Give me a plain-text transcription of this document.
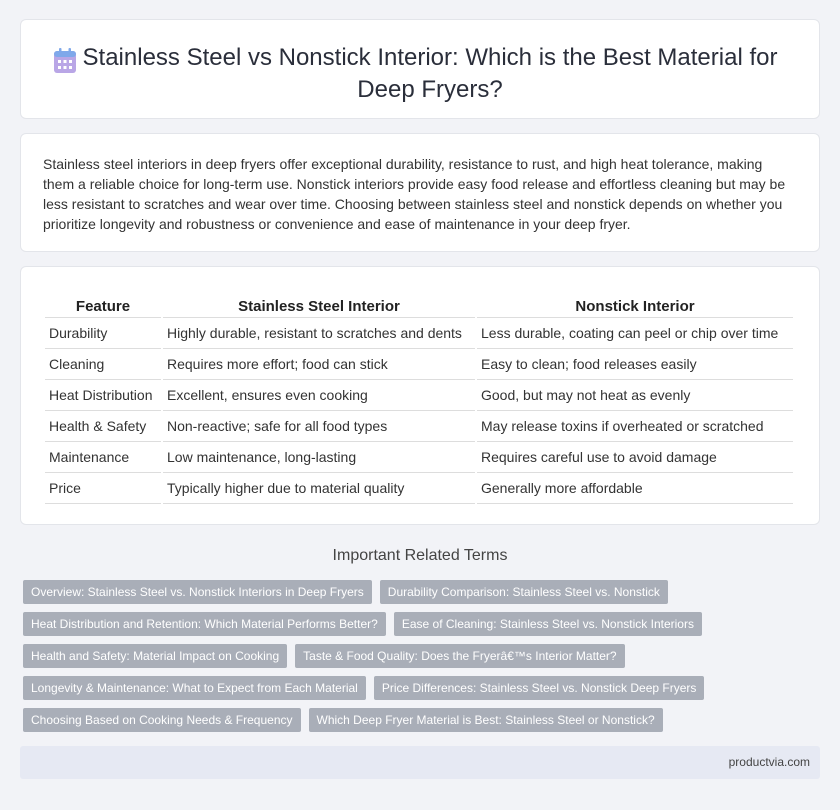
Stainless Steel vs Nonstick Interior: Which is the Best Material for Deep Fryers?

Stainless steel interiors in deep fryers offer exceptional durability, resistance to rust, and high heat tolerance, making them a reliable choice for long-term use. Nonstick interiors provide easy food release and effortless cleaning but may be less resistant to scratches and wear over time. Choosing between stainless steel and nonstick depends on whether you prioritize longevity and robustness or convenience and ease of maintenance in your deep fryer.

Feature	Stainless Steel Interior	Nonstick Interior
Durability	Highly durable, resistant to scratches and dents	Less durable, coating can peel or chip over time
Cleaning	Requires more effort; food can stick	Easy to clean; food releases easily
Heat Distribution	Excellent, ensures even cooking	Good, but may not heat as evenly
Health & Safety	Non-reactive; safe for all food types	May release toxins if overheated or scratched
Maintenance	Low maintenance, long-lasting	Requires careful use to avoid damage
Price	Typically higher due to material quality	Generally more affordable
Important Related Terms
Overview: Stainless Steel vs. Nonstick Interiors in Deep Fryers	Durability Comparison: Stainless Steel vs. Nonstick
Heat Distribution and Retention: Which Material Performs Better?	Ease of Cleaning: Stainless Steel vs. Nonstick Interiors
Health and Safety: Material Impact on Cooking	Taste & Food Quality: Does the Fryerâ€™s Interior Matter?
Longevity & Maintenance: What to Expect from Each Material	Price Differences: Stainless Steel vs. Nonstick Deep Fryers
Choosing Based on Cooking Needs & Frequency	Which Deep Fryer Material is Best: Stainless Steel or Nonstick?
productvia.com
